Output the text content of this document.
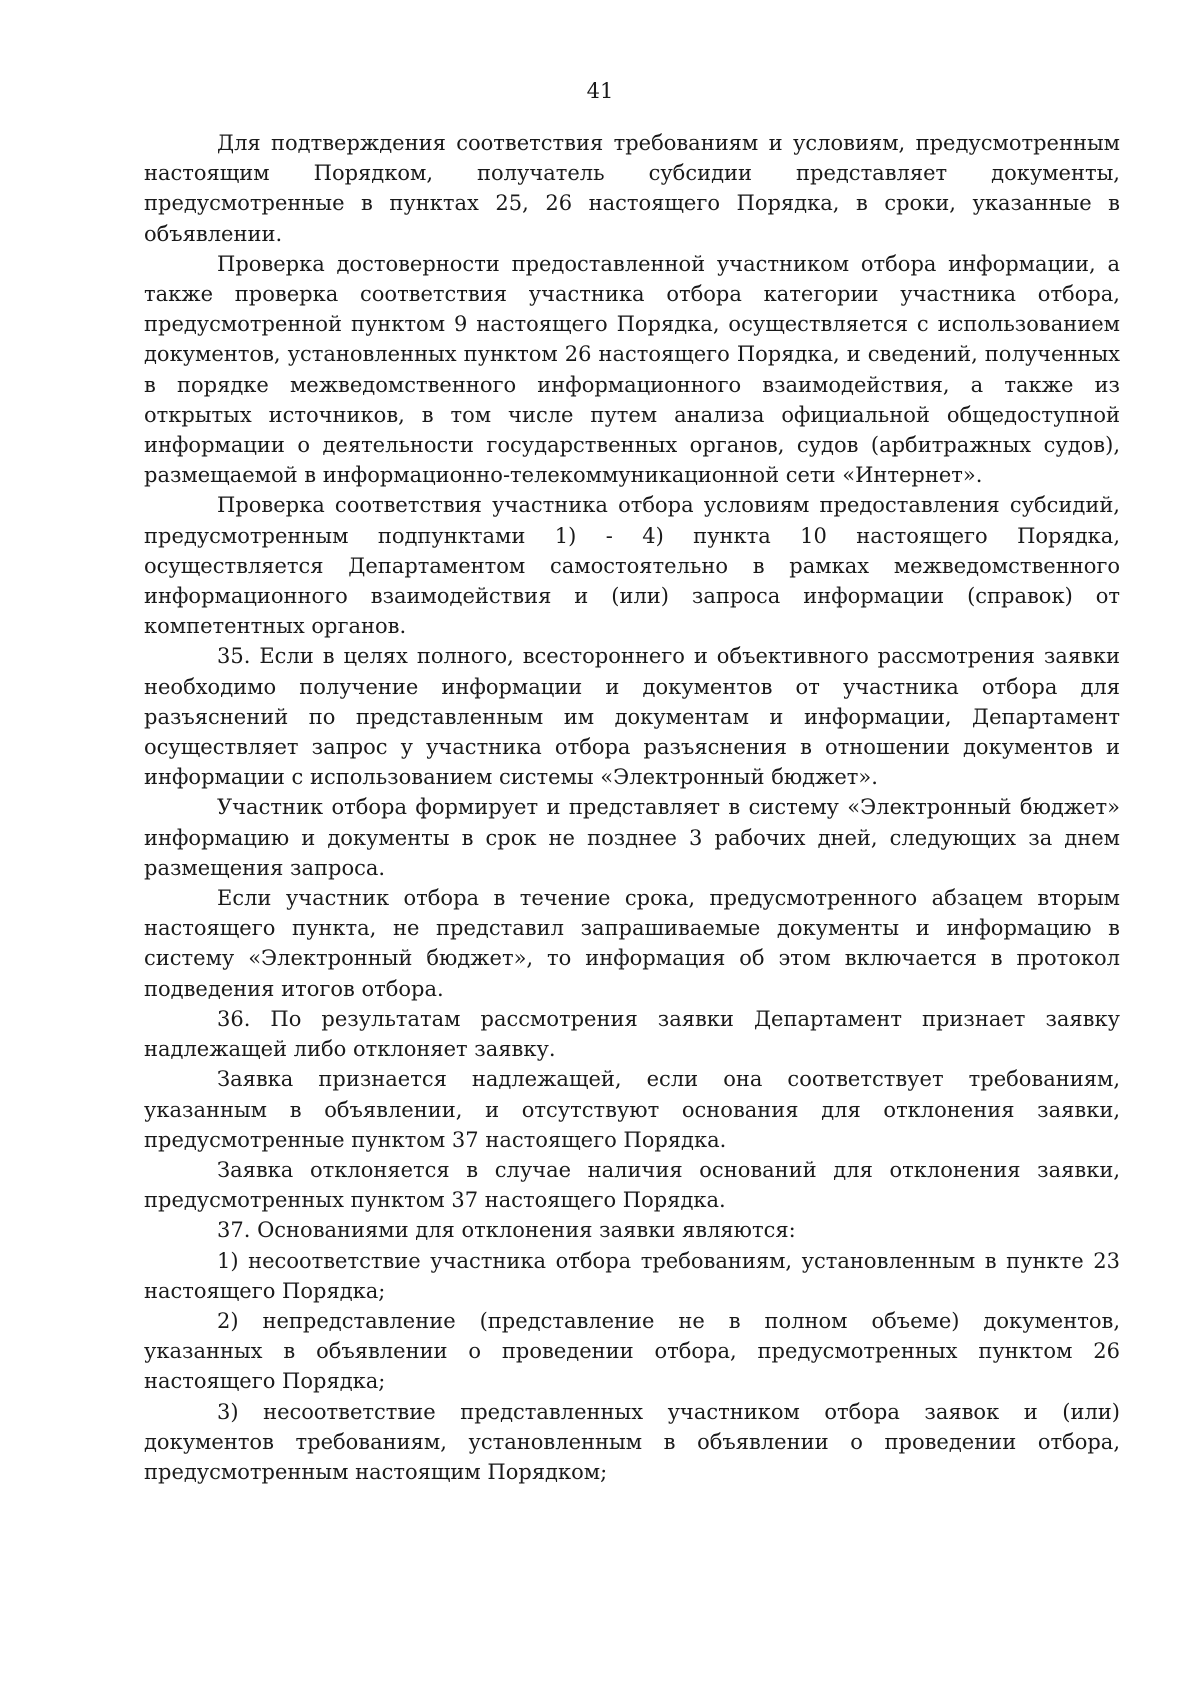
41

Для подтверждения соответствия требованиям и условиям, предусмотренным настоящим Порядком, получатель субсидии представляет документы, предусмотренные в пунктах 25, 26 настоящего Порядка, в сроки, указанные в объявлении.

Проверка достоверности предоставленной участником отбора информации, а также проверка соответствия участника отбора категории участника отбора, предусмотренной пунктом 9 настоящего Порядка, осуществляется с использованием документов, установленных пунктом 26 настоящего Порядка, и сведений, полученных в порядке межведомственного информационного взаимодействия, а также из открытых источников, в том числе путем анализа официальной общедоступной информации о деятельности государственных органов, судов (арбитражных судов), размещаемой в информационно-телекоммуникационной сети «Интернет».

Проверка соответствия участника отбора условиям предоставления субсидий, предусмотренным подпунктами 1) - 4) пункта 10 настоящего Порядка, осуществляется Департаментом самостоятельно в рамках межведомственного информационного взаимодействия и (или) запроса информации (справок) от компетентных органов.

35. Если в целях полного, всестороннего и объективного рассмотрения заявки необходимо получение информации и документов от участника отбора для разъяснений по представленным им документам и информации, Департамент осуществляет запрос у участника отбора разъяснения в отношении документов и информации с использованием системы «Электронный бюджет».

Участник отбора формирует и представляет в систему «Электронный бюджет» информацию и документы в срок не позднее 3 рабочих дней, следующих за днем размещения запроса.

Если участник отбора в течение срока, предусмотренного абзацем вторым настоящего пункта, не представил запрашиваемые документы и информацию в систему «Электронный бюджет», то информация об этом включается в протокол подведения итогов отбора.

36. По результатам рассмотрения заявки Департамент признает заявку надлежащей либо отклоняет заявку.

Заявка признается надлежащей, если она соответствует требованиям, указанным в объявлении, и отсутствуют основания для отклонения заявки, предусмотренные пунктом 37 настоящего Порядка.

Заявка отклоняется в случае наличия оснований для отклонения заявки, предусмотренных пунктом 37 настоящего Порядка.

37. Основаниями для отклонения заявки являются:

1) несоответствие участника отбора требованиям, установленным в пункте 23 настоящего Порядка;

2) непредставление (представление не в полном объеме) документов, указанных в объявлении о проведении отбора, предусмотренных пунктом 26 настоящего Порядка;

3) несоответствие представленных участником отбора заявок и (или) документов требованиям, установленным в объявлении о проведении отбора, предусмотренным настоящим Порядком;
